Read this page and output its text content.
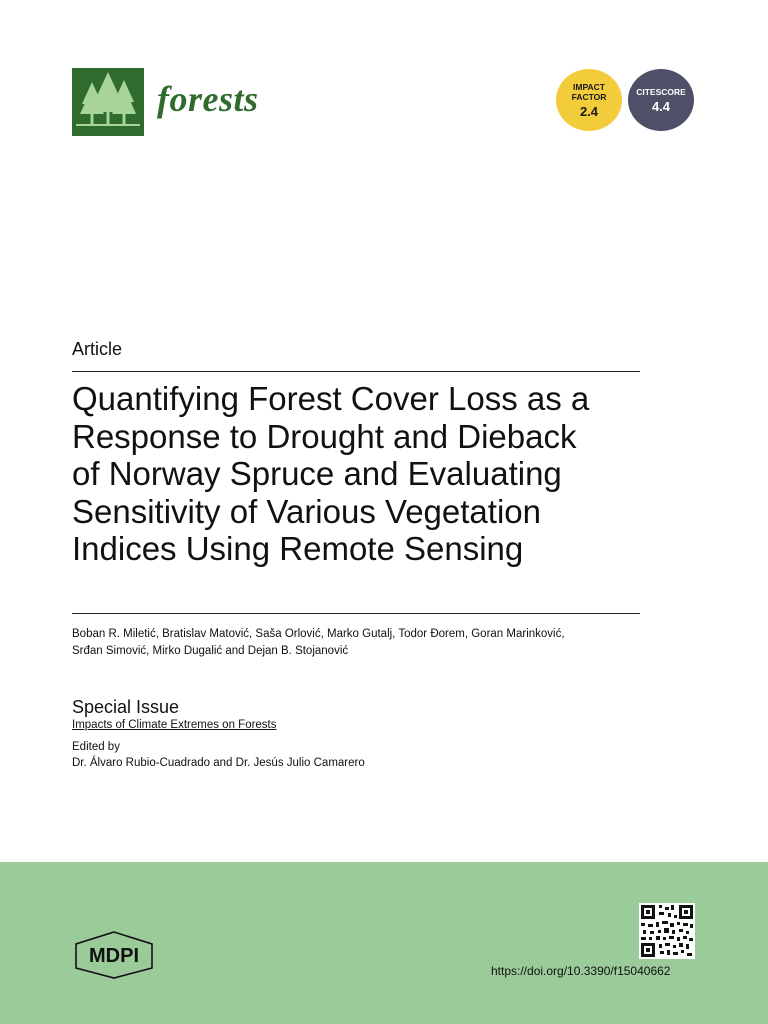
forests	IMPACT
FACTOR
2.4
CITESCORE
4.4
Article
Quantifying Forest Cover Loss as a
Response to Drought and Dieback
of Norway Spruce and Evaluating
Sensitivity of Various Vegetation
Indices Using Remote Sensing
Boban R. Miletić, Bratislav Matović, Saša Orlović, Marko Gutalj, Todor Đorem, Goran Marinković,
Srđan Simović, Mirko Dugalić and Dejan B. Stojanović
Special Issue
Impacts of Climate Extremes on Forests
Edited by
Dr. Álvaro Rubio-Cuadrado and Dr. Jesús Julio Camarero
MDPI
https://doi.org/10.3390/f15040662
